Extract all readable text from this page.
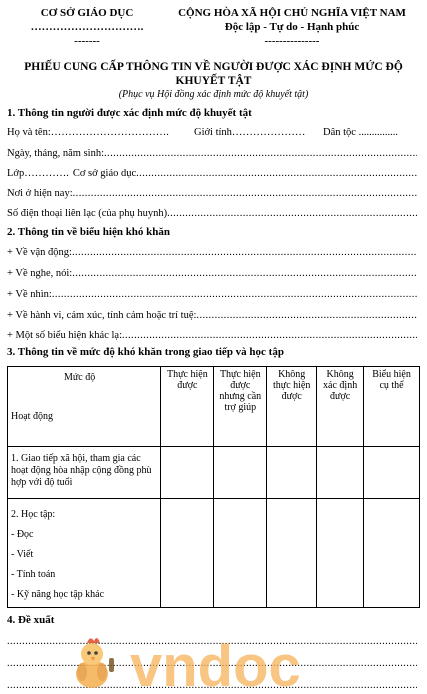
CƠ SỞ GIÁO DỤC
………………………….
-------
CỘNG HÒA XÃ HỘI CHỦ NGHĨA VIỆT NAM
Độc lập - Tự do - Hạnh phúc
---------------
PHIẾU CUNG CẤP THÔNG TIN VỀ NGƯỜI ĐƯỢC XÁC ĐỊNH MỨC ĐỘ
KHUYẾT TẬT
(Phục vụ Hội đồng xác định mức độ khuyết tật)
1. Thông tin người được xác định mức độ khuyết tật
Họ và tên:……………………………. Giới tính………………… Dân tộc ...............
Ngày, tháng, năm sinh:
.....
Lớp…………. Cơ sở giáo dục
.....
Nơi ở hiện nay:
.....
Số điện thoại liên lạc (của phụ huynh)
.....
2. Thông tin về biểu hiện khó khăn
+ Về vận động:
.....
+ Về nghe, nói:
.....
+ Về nhìn:
.....
+ Về hành vi, cảm xúc, tính cảm hoặc trí tuệ:
.....
+ Một số biểu hiện khác lạ:
.....
3. Thông tin về mức độ khó khăn trong giao tiếp và học tập
Mức độ
Hoạt động	Thực hiện được	Thực hiện được nhưng cần trợ giúp	Không thực hiện được	Không xác định được	Biểu hiện cụ thể
1. Giao tiếp xã hội, tham gia các hoạt động hòa nhập cộng đồng phù hợp với độ tuổi					

2. Học tập:
- Đọc
- Viết
- Tính toán
- Kỹ năng học tập khác					

4. Đề xuất
.....
.....
.....
vndoc
